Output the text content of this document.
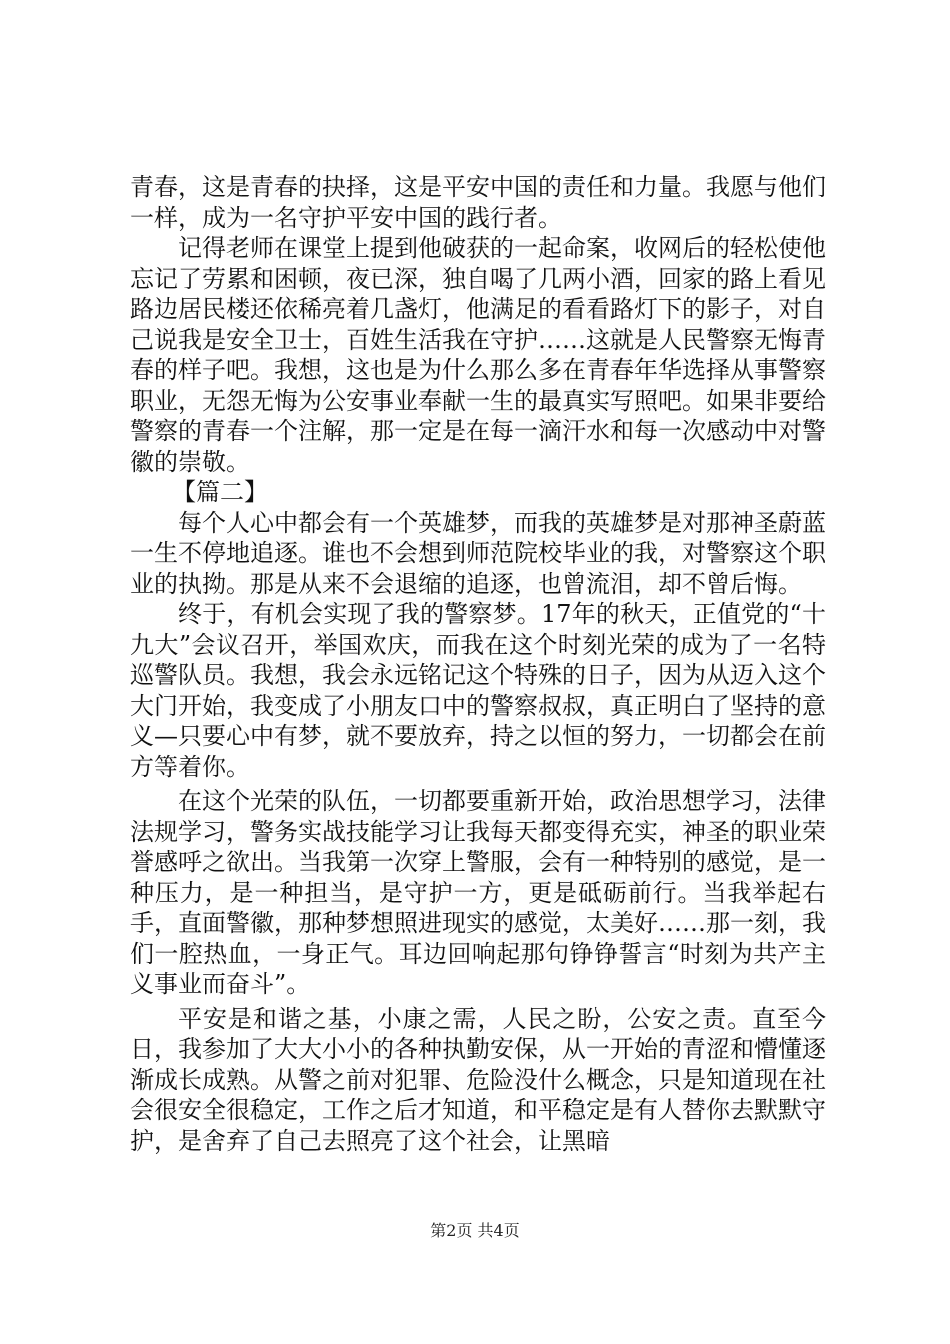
青春，这是青春的抉择，这是平安中国的责任和力量。我愿与他们一样，成为一名守护平安中国的践行者。

记得老师在课堂上提到他破获的一起命案，收网后的轻松使他忘记了劳累和困顿，夜已深，独自喝了几两小酒，回家的路上看见路边居民楼还依稀亮着几盏灯，他满足的看看路灯下的影子，对自己说我是安全卫士，百姓生活我在守护……这就是人民警察无悔青春的样子吧。我想，这也是为什么那么多在青春年华选择从事警察职业，无怨无悔为公安事业奉献一生的最真实写照吧。如果非要给警察的青春一个注解，那一定是在每一滴汗水和每一次感动中对警徽的崇敬。

【篇二】

每个人心中都会有一个英雄梦，而我的英雄梦是对那神圣蔚蓝一生不停地追逐。谁也不会想到师范院校毕业的我，对警察这个职业的执拗。那是从来不会退缩的追逐，也曾流泪，却不曾后悔。

终于，有机会实现了我的警察梦。17年的秋天，正值党的“十九大”会议召开，举国欢庆，而我在这个时刻光荣的成为了一名特巡警队员。我想，我会永远铭记这个特殊的日子，因为从迈入这个大门开始，我变成了小朋友口中的警察叔叔，真正明白了坚持的意义—只要心中有梦，就不要放弃，持之以恒的努力，一切都会在前方等着你。

在这个光荣的队伍，一切都要重新开始，政治思想学习，法律法规学习，警务实战技能学习让我每天都变得充实，神圣的职业荣誉感呼之欲出。当我第一次穿上警服，会有一种特别的感觉，是一种压力，是一种担当，是守护一方，更是砥砺前行。当我举起右手，直面警徽，那种梦想照进现实的感觉，太美好……那一刻，我们一腔热血，一身正气。耳边回响起那句铮铮誓言“时刻为共产主义事业而奋斗”。

平安是和谐之基，小康之需，人民之盼，公安之责。直至今日，我参加了大大小小的各种执勤安保，从一开始的青涩和懵懂逐渐成长成熟。从警之前对犯罪、危险没什么概念，只是知道现在社会很安全很稳定，工作之后才知道，和平稳定是有人替你去默默守护，是舍弃了自己去照亮了这个社会，让黑暗

第2页 共4页
